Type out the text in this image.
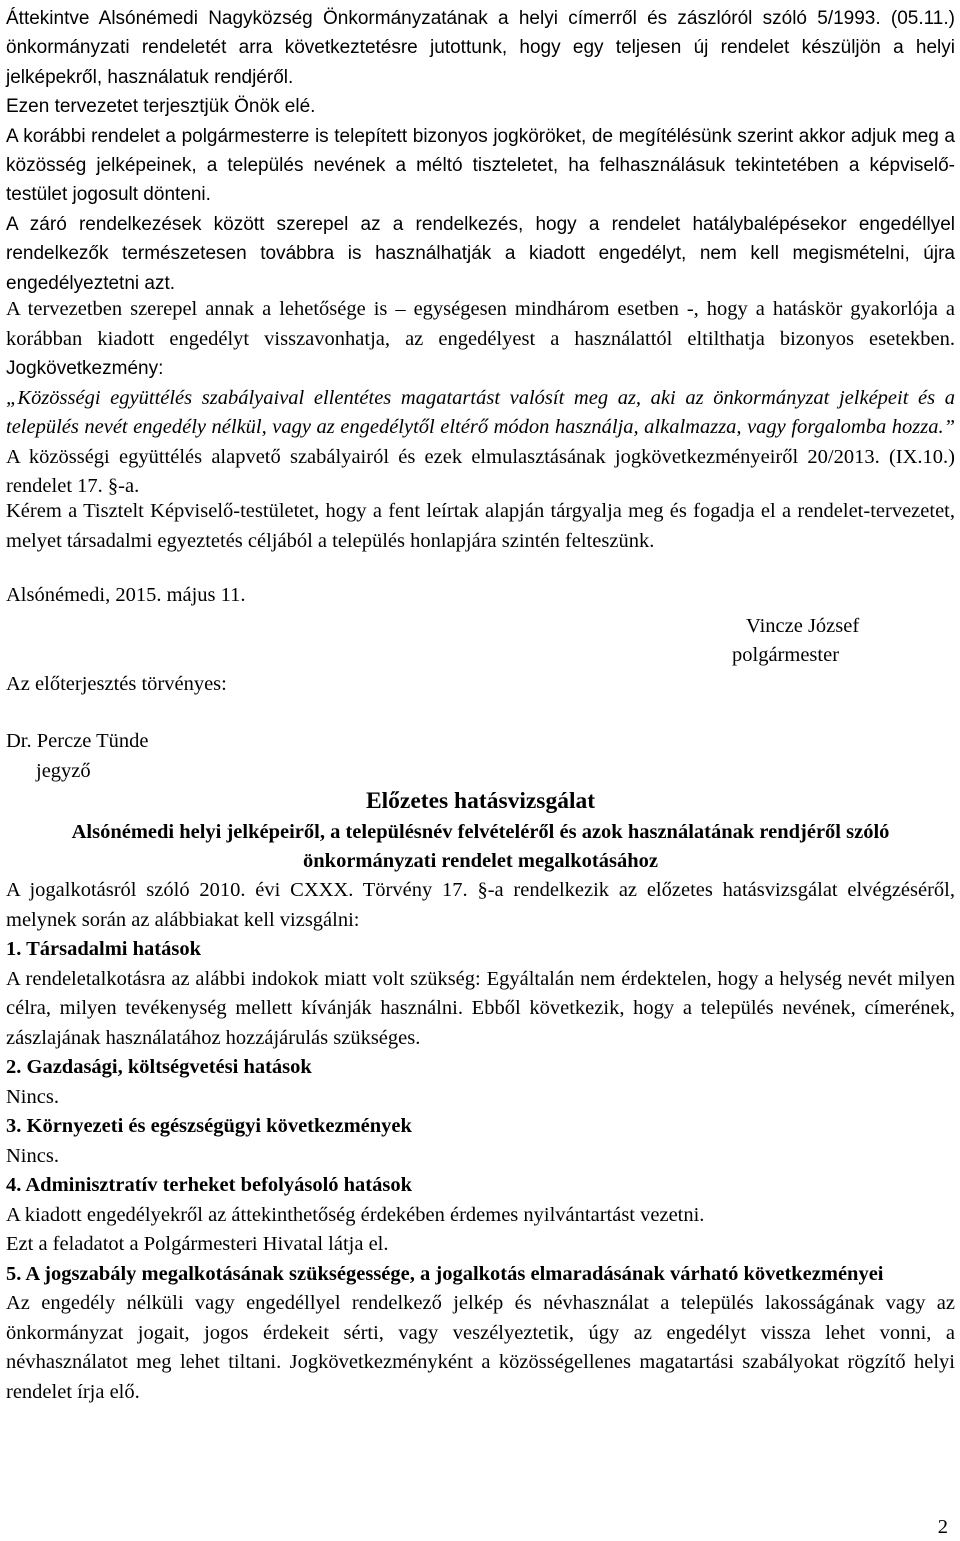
Áttekintve Alsónémedi Nagyközség Önkormányzatának a helyi címerről és zászlóról szóló 5/1993. (05.11.) önkormányzati rendeletét arra következtetésre jutottunk, hogy egy teljesen új rendelet készüljön a helyi jelképekről, használatuk rendjéről.

Ezen tervezetet terjesztjük Önök elé.

A korábbi rendelet a polgármesterre is telepített bizonyos jogköröket, de megítélésünk szerint akkor adjuk meg a közösség jelképeinek, a település nevének a méltó tiszteletet, ha felhasználásuk tekintetében a képviselő-testület jogosult dönteni.

A záró rendelkezések között szerepel az a rendelkezés, hogy a rendelet hatálybalépésekor engedéllyel rendelkezők természetesen továbbra is használhatják a kiadott engedélyt, nem kell megismételni, újra engedélyeztetni azt.

A tervezetben szerepel annak a lehetősége is – egységesen mindhárom esetben -, hogy a hatáskör gyakorlója a korábban kiadott engedélyt visszavonhatja, az engedélyest a használattól eltilthatja bizonyos esetekben. Jogkövetkezmény:

„Közösségi együttélés szabályaival ellentétes magatartást valósít meg az, aki az önkormányzat jelképeit és a település nevét engedély nélkül, vagy az engedélytől eltérő módon használja, alkalmazza, vagy forgalomba hozza.” A közösségi együttélés alapvető szabályairól és ezek elmulasztásának jogkövetkezményeiről 20/2013. (IX.10.) rendelet 17. §-a.

Kérem a Tisztelt Képviselő-testületet, hogy a fent leírtak alapján tárgyalja meg és fogadja el a rendelet-tervezetet, melyet társadalmi egyeztetés céljából a település honlapjára szintén felteszünk.

Alsónémedi, 2015. május 11.
Vincze József
polgármester
Az előterjesztés törvényes:
Dr. Percze Tünde
jegyző
Előzetes hatásvizsgálat
Alsónémedi helyi jelképeiről, a településnév felvételéről és azok használatának rendjéről szóló önkormányzati rendelet megalkotásához

A jogalkotásról szóló 2010. évi CXXX. Törvény 17. §-a rendelkezik az előzetes hatásvizsgálat elvégzéséről, melynek során az alábbiakat kell vizsgálni:

1. Társadalmi hatások

A rendeletalkotásra az alábbi indokok miatt volt szükség: Egyáltalán nem érdektelen, hogy a helység nevét milyen célra, milyen tevékenység mellett kívánják használni. Ebből következik, hogy a település nevének, címerének, zászlajának használatához hozzájárulás szükséges.

2. Gazdasági, költségvetési hatások

Nincs.

3. Környezeti és egészségügyi következmények

Nincs.

4. Adminisztratív terheket befolyásoló hatások

A kiadott engedélyekről az áttekinthetőség érdekében érdemes nyilvántartást vezetni.

Ezt a feladatot a Polgármesteri Hivatal látja el.

5. A jogszabály megalkotásának szükségessége, a jogalkotás elmaradásának várható következményei

Az engedély nélküli vagy engedéllyel rendelkező jelkép és névhasználat a település lakosságának vagy az önkormányzat jogait, jogos érdekeit sérti, vagy veszélyeztetik, úgy az engedélyt vissza lehet vonni, a névhasználatot meg lehet tiltani. Jogkövetkezményként a közösségellenes magatartási szabályokat rögzítő helyi rendelet írja elő.

2
